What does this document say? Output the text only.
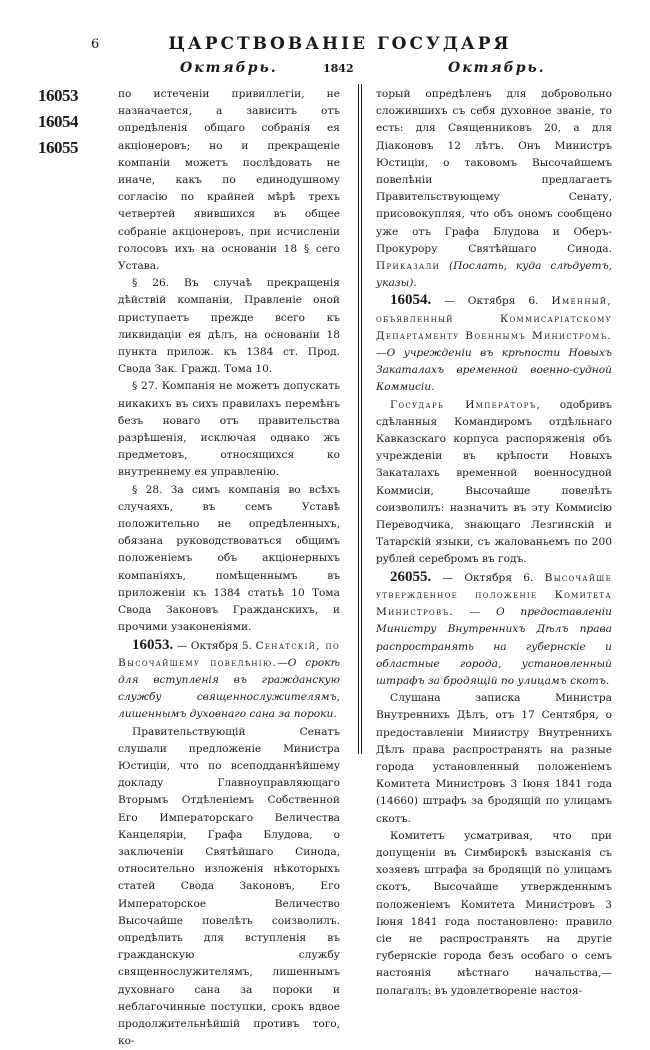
6	ЦАРСТВОВАНІЕ ГОСУДАРЯ
Октябрь.	1842	Октябрь.
16053
16054
16055

по истеченіи привиллегіи, не назначается, а зависитъ отъ опредѣленія общаго собранія ея акціонеровъ; но и прекращеніе компаніи можетъ послѣдовать не иначе, какъ по единодушному согласію по крайней мѣрѣ трехъ четвертей явившихся въ общее собраніе акціонеровъ, при исчисленіи голосовъ ихъ на основаніи 18 § сего Устава.

§ 26. Въ случаѣ прекращенія дѣйствій компаніи, Правленіе оной приступаетъ прежде всего къ ликвидаціи ея дѣлъ, на основаніи 18 пункта прилож. къ 1384 ст. Прод. Свода Зак. Гражд. Тома 10.

§ 27. Компанія не можетъ допускать никакихъ въ сихъ правилахъ перемѣнъ безъ новаго отъ правительства разрѣшенія, исключая однако жъ предметовъ, относящихся ко внутреннему ея управленію.

§ 28. За симъ компанія во всѣхъ случаяхъ, въ семъ Уставѣ положительно не опредѣленныхъ, обязана руководствоваться общимъ положеніемъ объ акціонерныхъ компаніяхъ, помѣщеннымъ въ приложеніи къ 1384 статьѣ 10 Тома Свода Законовъ Гражданскихъ, и прочими узаконеніями.

16053. — Октября 5. Сенатскій, по Высочайшему повелѣнію.—О срокѣ для вступленія въ гражданскую службу священнослужителямъ, лишеннымъ духовнаго сана за пороки.

Правительствующій Сенатъ слушали предложеніе Министра Юстиціи, что по всеподданнѣйшему докладу Главноуправляющаго Вторымъ Отдѣленіемъ Собственной Его Императорскаго Величества Канцеляріи, Графа Блудова, о заключеніи Святѣйшаго Синода, относительно изложенія нѣкоторыхъ статей Свода Законовъ, Его Императорское Величество Высочайше повелѣть соизволилъ. опредѣлить для вступленія въ гражданскую службу священнослужителямъ, лишеннымъ духовнаго сана за пороки и неблагочинные поступки, срокъ вдвое продолжительнѣйшій противъ того, ко-

торый опредѣленъ для добровольно сложившихъ съ себя духовное званіе, то есть: для Священниковъ 20, а для Діаконовъ 12 лѣтъ. Онъ Министръ Юстиціи, о таковомъ Высочайшемъ повелѣніи предлагаетъ Правительствующему Сенату, присовокупляя, что объ ономъ сообщено уже отъ Графа Блудова и Оберъ-Прокурору Святѣйшаго Синода. Приказали (Послать, куда слѣдуетъ, указы).

16054. — Октября 6. Именный, объявленный Коммисаріатскому Департаменту Военнымъ Министромъ.—О учрежденіи въ крѣпости Новыхъ Закаталахъ временной военно-судной Коммисіи.

Государь Императоръ, одобривъ сдѣланныя Командиромъ отдѣльнаго Кавказскаго корпуса распоряженія объ учрежденіи въ крѣпости Новыхъ Закаталахъ временной военносудной Коммисіи, Высочайше повелѣть соизволилъ: назначить въ эту Коммисію Переводчика, знающаго Лезгинскій и Татарскій языки, съ жалованьемъ по 200 рублей серебромъ въ годъ.

26055. — Октября 6. Высочайше утвержденное положеніе Комитета Министровъ. — О предоставленіи Министру Внутреннихъ Дѣлъ права распространять на губернскіе и областные города, установленный штрафъ за бродящій по улицамъ скотъ.

Слушана записка Министра Внутреннихъ Дѣлъ, отъ 17 Сентября, о предоставленіи Министру Внутреннихъ Дѣлъ права распространять на разные города установленный положеніемъ Комитета Министровъ 3 Іюня 1841 года (14660) штрафъ за бродящій по улицамъ скотъ.

Комитетъ усматривая, что при допущеніи въ Симбирскѣ взысканія съ хозяевъ штрафа за бродящій по улицамъ скотъ, Высочайше утвержденнымъ положеніемъ Комитета Министровъ 3 Іюня 1841 года постановлено: правило сіе не распространять на другіе губернскіе города безъ особаго о семъ настоянія мѣстнаго начальства,—полагалъ: въ удовлетвореніе настоя-
